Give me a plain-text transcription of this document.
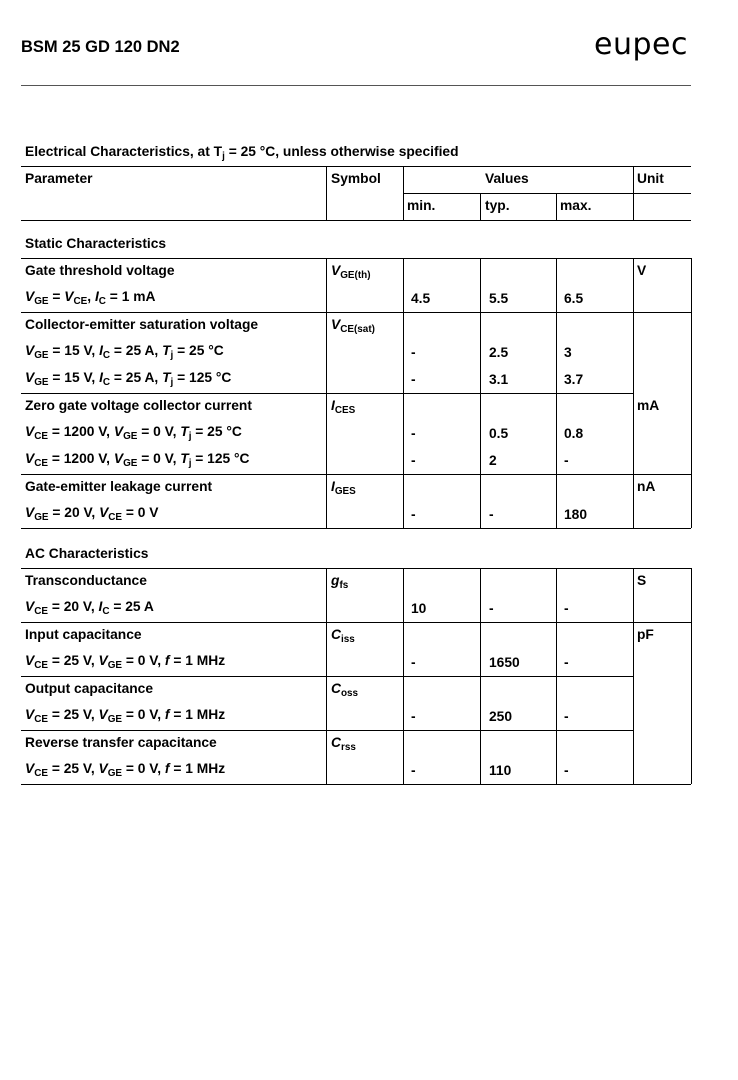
BSM 25 GD 120 DN2	eupec
Electrical Characteristics, at $T_j = 25$ °C, unless otherwise specified
Parameter	Symbol	Values	Unit
min.	typ.	max.
Static Characteristics
Gate threshold voltage	$V_{GE(th)}$	V
$V_{GE} = V_{CE}$, $I_C = 1$ mA	4.5	5.5	6.5
Collector-emitter saturation voltage	$V_{CE(sat)}$
$V_{GE} = 15$ V, $I_C = 25$ A, $T_j = 25$ °C	-	2.5	3
$V_{GE} = 15$ V, $I_C = 25$ A, $T_j = 125$ °C	-	3.1	3.7
Zero gate voltage collector current	$I_{CES}$	mA
$V_{CE} = 1200$ V, $V_{GE} = 0$ V, $T_j = 25$ °C	-	0.5	0.8
$V_{CE} = 1200$ V, $V_{GE} = 0$ V, $T_j = 125$ °C	-	2	-
Gate-emitter leakage current	$I_{GES}$	nA
$V_{GE} = 20$ V, $V_{CE} = 0$ V	-	-	180
AC Characteristics
Transconductance	$g_{fs}$	S
$V_{CE} = 20$ V, $I_C = 25$ A	10	-	-
Input capacitance	$C_{iss}$	pF
$V_{CE} = 25$ V, $V_{GE} = 0$ V, f = 1 MHz	-	1650	-
Output capacitance	$C_{oss}$
$V_{CE} = 25$ V, $V_{GE} = 0$ V, f = 1 MHz	-	250	-
Reverse transfer capacitance	$C_{rss}$
$V_{CE} = 25$ V, $V_{GE} = 0$ V, f = 1 MHz	-	110	-
